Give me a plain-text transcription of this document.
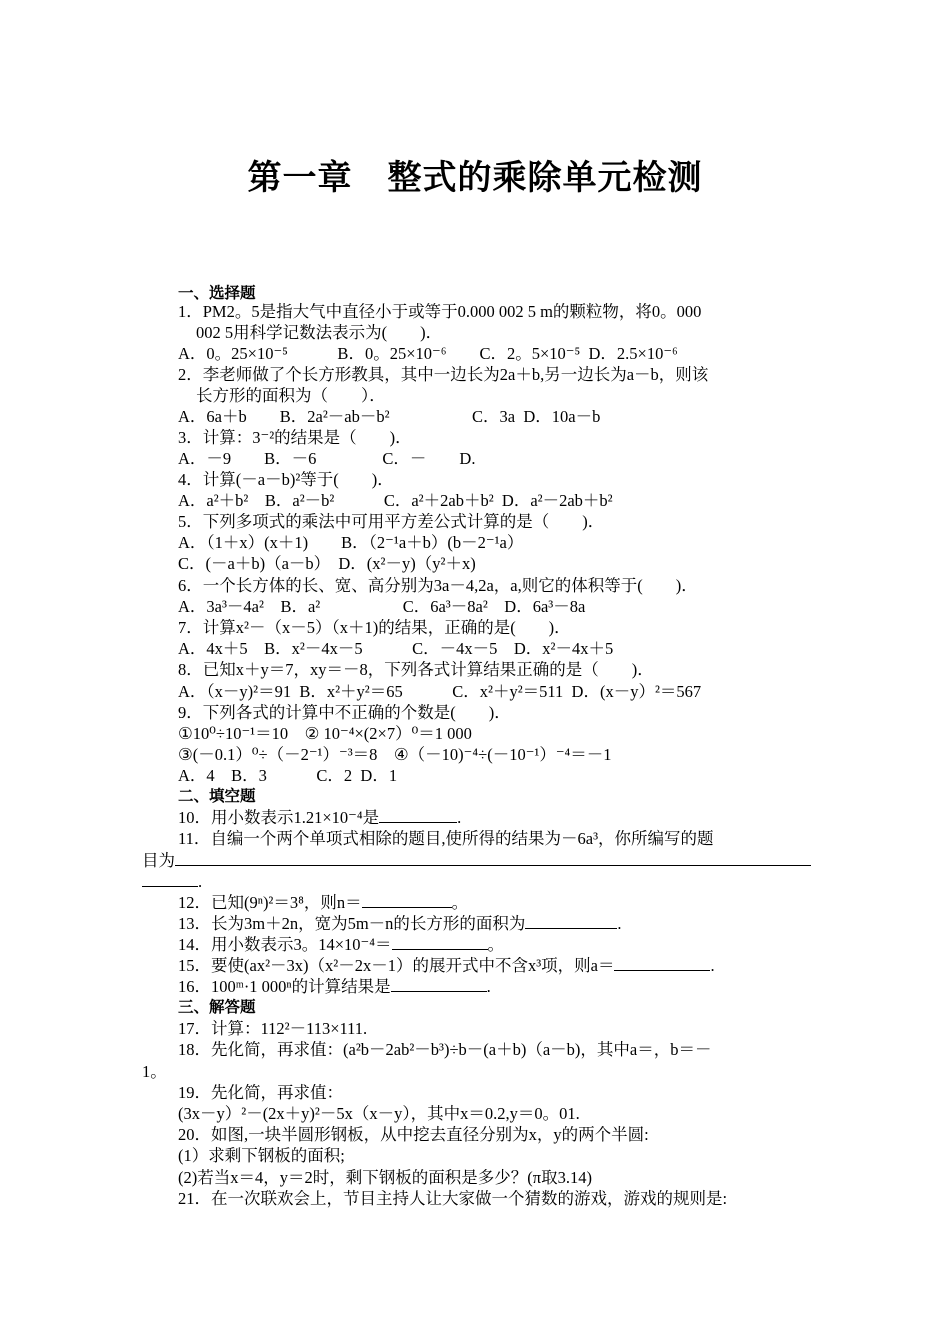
第一章　整式的乘除单元检测
一、选择题
1．PM2。5是指大气中直径小于或等于0.000 002 5 m的颗粒物，将0。000
002 5用科学记数法表示为(　　)．
A．0。25×10⁻⁵　　　B．0。25×10⁻⁶　　C．2。5×10⁻⁵  D．2.5×10⁻⁶
2．李老师做了个长方形教具，其中一边长为2a＋b,另一边长为a－b，则该
长方形的面积为（　　）．
A．6a＋b　　B．2a²－ab－b²　　　　　C．3a  D．10a－b
3．计算：3⁻²的结果是（　　)．
A．－9　　B．－6　　　　C．－　　D.
4．计算(－a－b)²等于(　　)．
A．a²＋b²　B．a²－b²　　　C．a²＋2ab＋b²  D．a²－2ab＋b²
5．下列多项式的乘法中可用平方差公式计算的是（　　)．
A．（1＋x）(x＋1)　　B．（2⁻¹a＋b）(b－2⁻¹a）
C．(－a＋b)（a－b）　D．(x²－y)（y²＋x)
6．一个长方体的长、宽、高分别为3a－4,2a，a,则它的体积等于(　　)．
A．3a³－4a²　B．a²　　　　　C．6a³－8a²　D．6a³－8a
7．计算x²－（x－5）（x＋1)的结果，正确的是(　　)．
A．4x＋5　B．x²－4x－5　　　C．－4x－5　D．x²－4x＋5
8．已知x＋y＝7，xy＝－8，下列各式计算结果正确的是（　　)．
A．（x－y)²＝91  B．x²＋y²＝65　　　C．x²＋y²＝511  D．(x－y）²＝567
9．下列各式的计算中不正确的个数是(　　)．
①10⁰÷10⁻¹＝10　② 10⁻⁴×(2×7）⁰＝1 000
③(－0.1）⁰÷（－2⁻¹）⁻³＝8　④（－10)⁻⁴÷(－10⁻¹）⁻⁴＝－1
A．4　B．3　　　C．2  D．1
二、填空题
10．用小数表示1.21×10⁻⁴是	.
11．自编一个两个单项式相除的题目,使所得的结果为－6a³，你所编写的题
目为
.
12．已知(9ⁿ)²＝3⁸，则n＝	。
13．长为3m＋2n，宽为5m－n的长方形的面积为	.
14．用小数表示3。14×10⁻⁴＝	。
15．要使(ax²－3x)（x²－2x－1）的展开式中不含x³项，则a＝	.
16．100ᵐ·1 000ⁿ的计算结果是	.
三、解答题
17．计算：112²－113×111.
18．先化简，再求值：(a²b－2ab²－b³)÷b－(a＋b)（a－b)，其中a＝，b＝－
1。
19．先化简，再求值：
(3x－y）²－(2x＋y)²－5x（x－y），其中x＝0.2,y＝0。01.
20．如图,一块半圆形钢板，从中挖去直径分别为x，y的两个半圆:
(1）求剩下钢板的面积;
(2)若当x＝4，y＝2时，剩下钢板的面积是多少？(π取3.14)
21．在一次联欢会上，节目主持人让大家做一个猜数的游戏，游戏的规则是:
